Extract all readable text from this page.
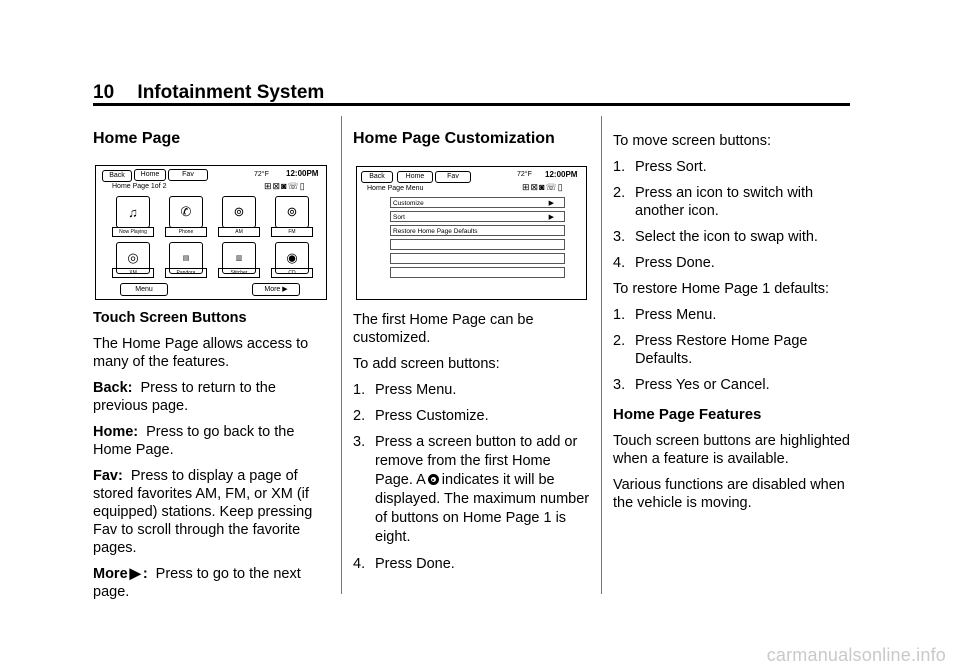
10 Infotainment System
Home Page
Back	Home	Fav	72°F 12:00PM
Home Page 1of 2	⊞⊠◙☏▯
♫
Now Playing
✆
Phone
⊚
AM
⊚
FM
◎
XM
▤
Pandora
▥
Stitcher
◉
CD
Menu	More ▶
Touch Screen Buttons

The Home Page allows access to many of the features.

Back: Press to return to the previous page.

Home: Press to go back to the Home Page.

Fav: Press to display a page of stored favorites AM, FM, or XM (if equipped) stations. Keep pressing Fav to scroll through the favorite pages.

More ▶ : Press to go to the next page.

Home Page Customization
Back	Home	Fav	72°F 12:00PM
Home Page Menu	⊞⊠◙☏▯
Customize	▶
Sort	▶
Restore Home Page Defaults

The first Home Page can be customized.

To add screen buttons:

1. Press Menu.
2. Press Customize.
3. Press a screen button to add or remove from the first Home Page. A indicates it will be displayed. The maximum number of buttons on Home Page 1 is eight.
4. Press Done.

To move screen buttons:

1. Press Sort.
2. Press an icon to switch with another icon.
3. Select the icon to swap with.
4. Press Done.

To restore Home Page 1 defaults:

1. Press Menu.
2. Press Restore Home Page Defaults.
3. Press Yes or Cancel.
Home Page Features

Touch screen buttons are highlighted when a feature is available.

Various functions are disabled when the vehicle is moving.

carmanualsonline.info
